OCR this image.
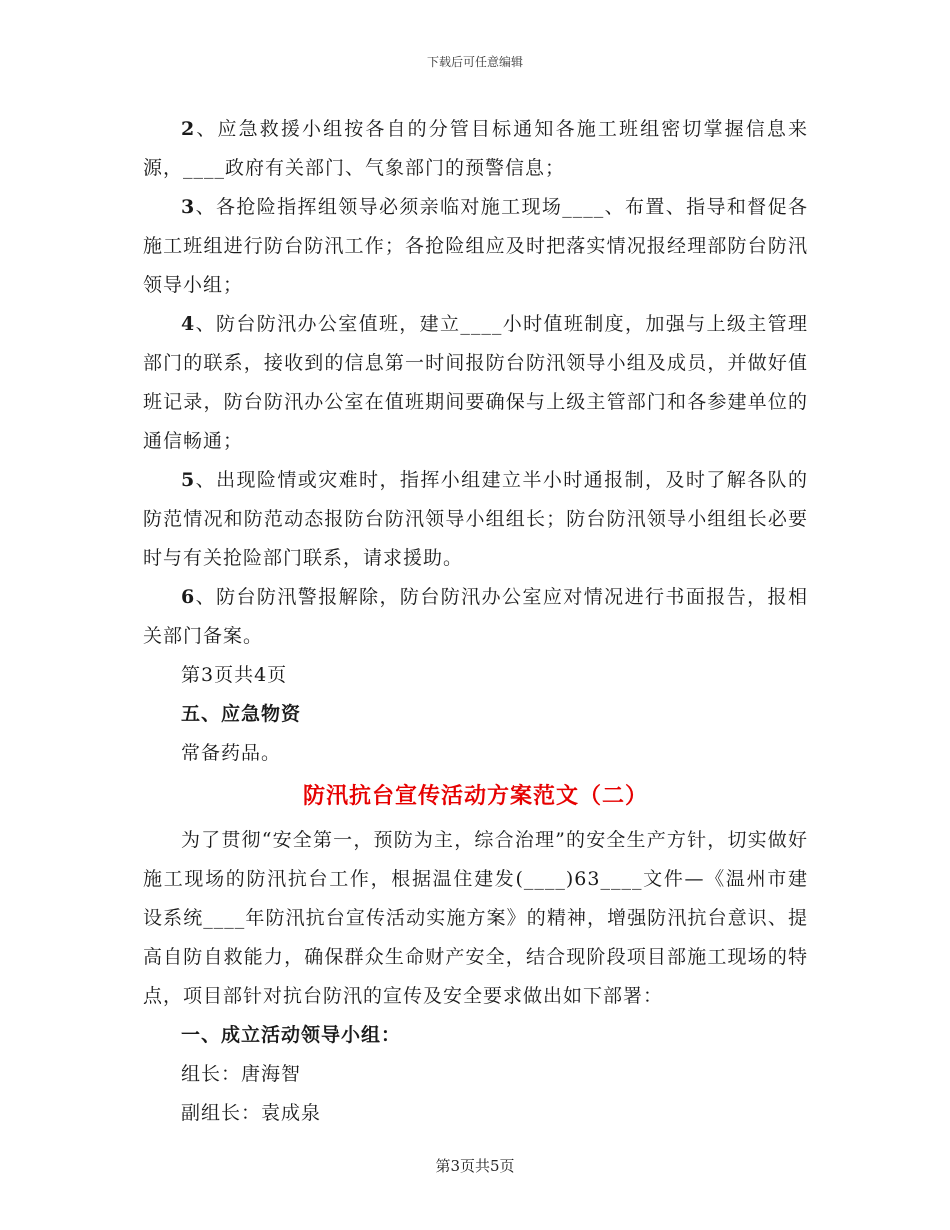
下载后可任意编辑

2、应急救援小组按各自的分管目标通知各施工班组密切掌握信息来源，____政府有关部门、气象部门的预警信息；

3、各抢险指挥组领导必须亲临对施工现场____、布置、指导和督促各施工班组进行防台防汛工作；各抢险组应及时把落实情况报经理部防台防汛领导小组；

4、防台防汛办公室值班，建立____小时值班制度，加强与上级主管理部门的联系，接收到的信息第一时间报防台防汛领导小组及成员，并做好值班记录，防台防汛办公室在值班期间要确保与上级主管部门和各参建单位的通信畅通；

5、出现险情或灾难时，指挥小组建立半小时通报制，及时了解各队的防范情况和防范动态报防台防汛领导小组组长；防台防汛领导小组组长必要时与有关抢险部门联系，请求援助。

6、防台防汛警报解除，防台防汛办公室应对情况进行书面报告，报相关部门备案。

第3页共4页
五、应急物资
常备药品。
防汛抗台宣传活动方案范文（二）

为了贯彻“安全第一，预防为主，综合治理”的安全生产方针，切实做好施工现场的防汛抗台工作，根据温住建发(____)63____文件—《温州市建设系统____年防汛抗台宣传活动实施方案》的精神，增强防汛抗台意识、提高自防自救能力，确保群众生命财产安全，结合现阶段项目部施工现场的特点，项目部针对抗台防汛的宣传及安全要求做出如下部署：

一、成立活动领导小组：
组长：唐海智
副组长：袁成泉
第3页共5页
